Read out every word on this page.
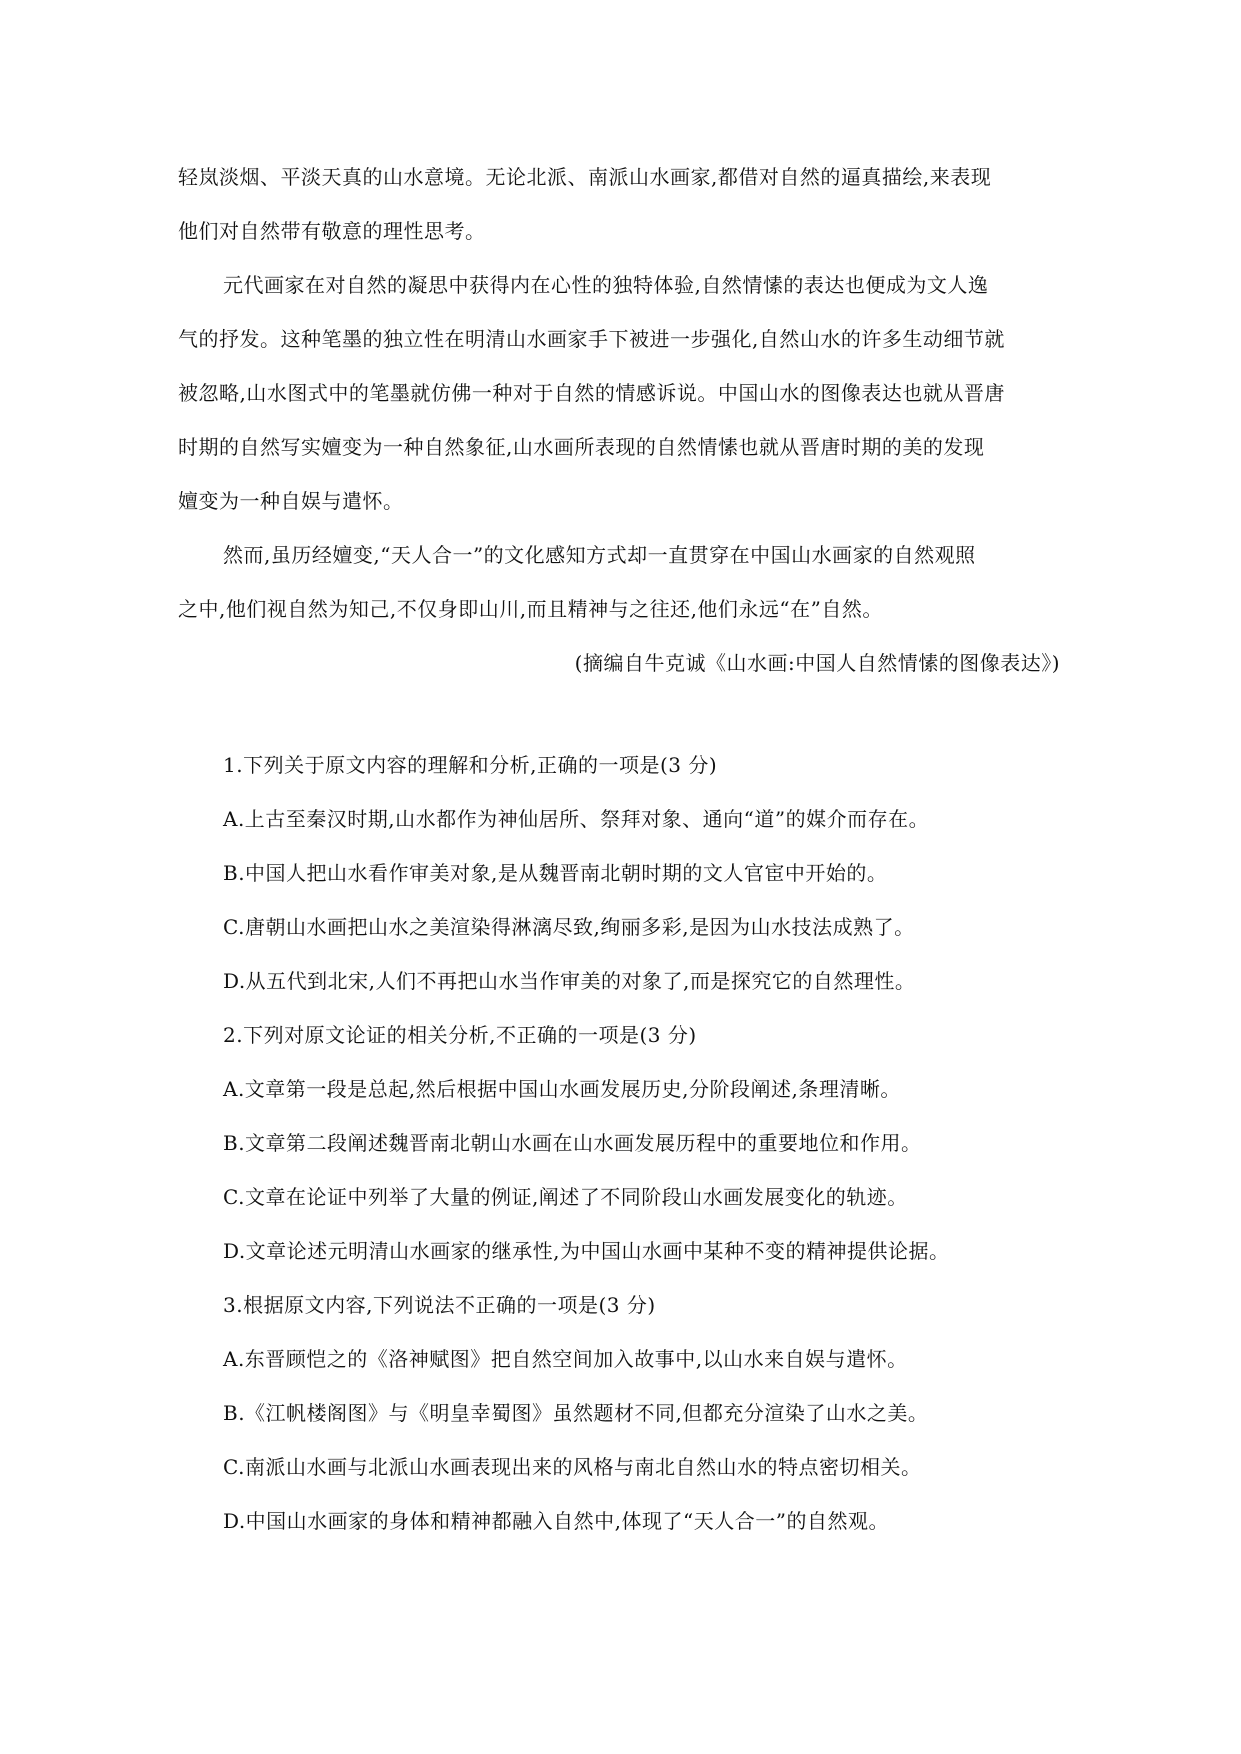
轻岚淡烟、平淡天真的山水意境。无论北派、南派山水画家,都借对自然的逼真描绘,来表现
他们对自然带有敬意的理性思考。
元代画家在对自然的凝思中获得内在心性的独特体验,自然情愫的表达也便成为文人逸
气的抒发。这种笔墨的独立性在明清山水画家手下被进一步强化,自然山水的许多生动细节就
被忽略,山水图式中的笔墨就仿佛一种对于自然的情感诉说。中国山水的图像表达也就从晋唐
时期的自然写实嬗变为一种自然象征,山水画所表现的自然情愫也就从晋唐时期的美的发现
嬗变为一种自娱与遣怀。
然而,虽历经嬗变,“天人合一”的文化感知方式却一直贯穿在中国山水画家的自然观照
之中,他们视自然为知己,不仅身即山川,而且精神与之往还,他们永远“在”自然。
(摘编自牛克诚《山水画:中国人自然情愫的图像表达》)
1.下列关于原文内容的理解和分析,正确的一项是(3 分)
A.上古至秦汉时期,山水都作为神仙居所、祭拜对象、通向“道”的媒介而存在。
B.中国人把山水看作审美对象,是从魏晋南北朝时期的文人官宦中开始的。
C.唐朝山水画把山水之美渲染得淋漓尽致,绚丽多彩,是因为山水技法成熟了。
D.从五代到北宋,人们不再把山水当作审美的对象了,而是探究它的自然理性。
2.下列对原文论证的相关分析,不正确的一项是(3 分)
A.文章第一段是总起,然后根据中国山水画发展历史,分阶段阐述,条理清晰。
B.文章第二段阐述魏晋南北朝山水画在山水画发展历程中的重要地位和作用。
C.文章在论证中列举了大量的例证,阐述了不同阶段山水画发展变化的轨迹。
D.文章论述元明清山水画家的继承性,为中国山水画中某种不变的精神提供论据。
3.根据原文内容,下列说法不正确的一项是(3 分)
A.东晋顾恺之的《洛神赋图》把自然空间加入故事中,以山水来自娱与遣怀。
B.《江帆楼阁图》与《明皇幸蜀图》虽然题材不同,但都充分渲染了山水之美。
C.南派山水画与北派山水画表现出来的风格与南北自然山水的特点密切相关。
D.中国山水画家的身体和精神都融入自然中,体现了“天人合一”的自然观。
